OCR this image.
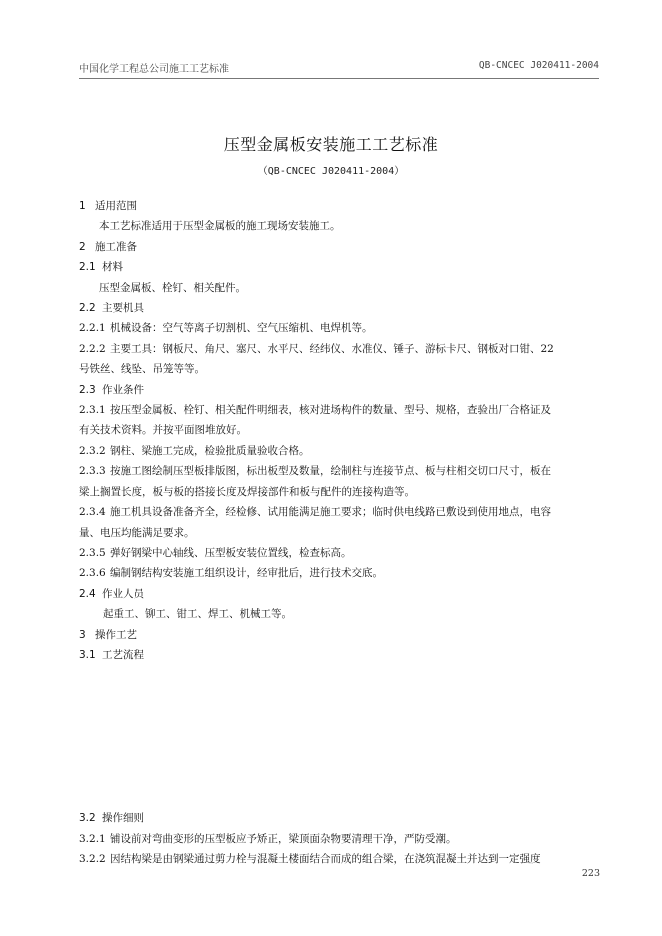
中国化学工程总公司施工工艺标准	QB-CNCEC J020411-2004
压型金属板安装施工工艺标准
（QB-CNCEC J020411-2004）

1 适用范围

本工艺标准适用于压型金属板的施工现场安装施工。

2 施工准备

2.1 材料

压型金属板、栓钉、相关配件。

2.2 主要机具

2.2.1 机械设备：空气等离子切割机、空气压缩机、电焊机等。

2.2.2 主要工具：钢板尺、角尺、塞尺、水平尺、经纬仪、水准仪、锤子、游标卡尺、钢板对口钳、22

号铁丝、线坠、吊笼等等。

2.3 作业条件

2.3.1 按压型金属板、栓钉、相关配件明细表，核对进场构件的数量、型号、规格，查验出厂合格证及

有关技术资料。并按平面图堆放好。

2.3.2 钢柱、梁施工完成，检验批质量验收合格。

2.3.3 按施工图绘制压型板排版图，标出板型及数量，绘制柱与连接节点、板与柱相交切口尺寸，板在

梁上搁置长度，板与板的搭接长度及焊接部件和板与配件的连接构造等。

2.3.4 施工机具设备准备齐全，经检修、试用能满足施工要求；临时供电线路已敷设到使用地点，电容

量、电压均能满足要求。

2.3.5 弹好钢梁中心轴线、压型板安装位置线，检查标高。

2.3.6 编制钢结构安装施工组织设计，经审批后，进行技术交底。

2.4 作业人员

起重工、铆工、钳工、焊工、机械工等。

3 操作工艺

3.1 工艺流程

3.2 操作细则

3.2.1 铺设前对弯曲变形的压型板应予矫正，梁顶面杂物要清理干净，严防受潮。

3.2.2 因结构梁是由钢梁通过剪力栓与混凝土楼面结合而成的组合梁，在浇筑混凝土并达到一定强度

223
